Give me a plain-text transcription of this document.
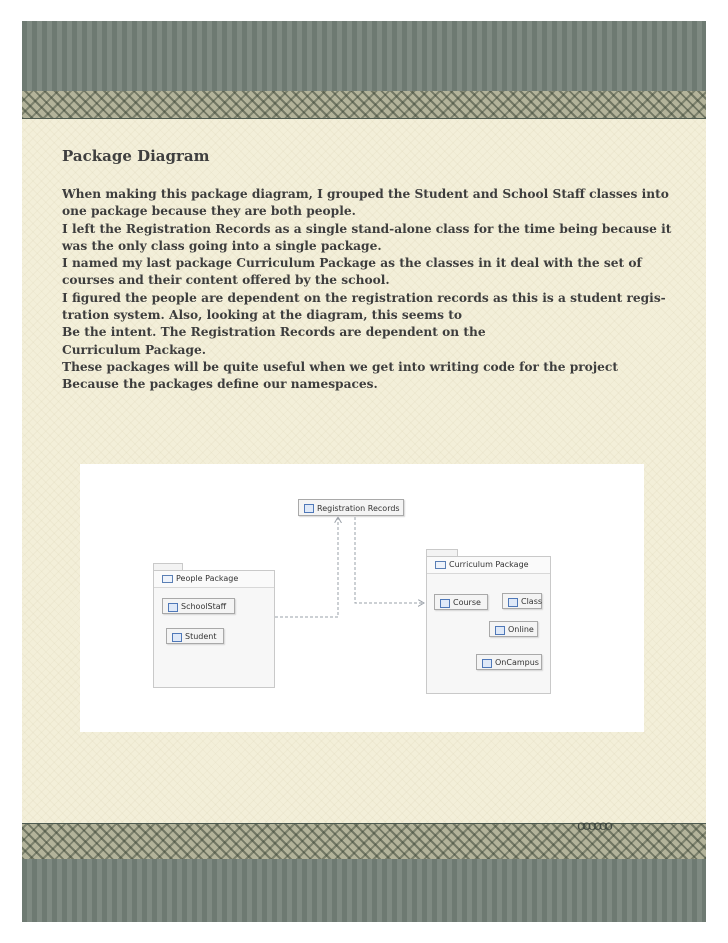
Package Diagram

When making this package diagram, I grouped the Student and School Staff classes into

one package because they are both people.

I left the Registration Records as a single stand-alone class for the time being because it

was the only class going into a single package.

I named my last package Curriculum Package as the classes in it deal with the set of

courses and their content offered by the school.

I figured the people are dependent on the registration records as this is a student regis-

tration system. Also, looking at the diagram, this seems to

Be the intent. The Registration Records are dependent on the

Curriculum Package.

These packages will be quite useful when we get into writing code for the project

Because the packages define our namespaces.

Registration Records
People Package
SchoolStaff
Student
Curriculum Package
Course	Class
Online
OnCampus
ꝏꝏꝏ
